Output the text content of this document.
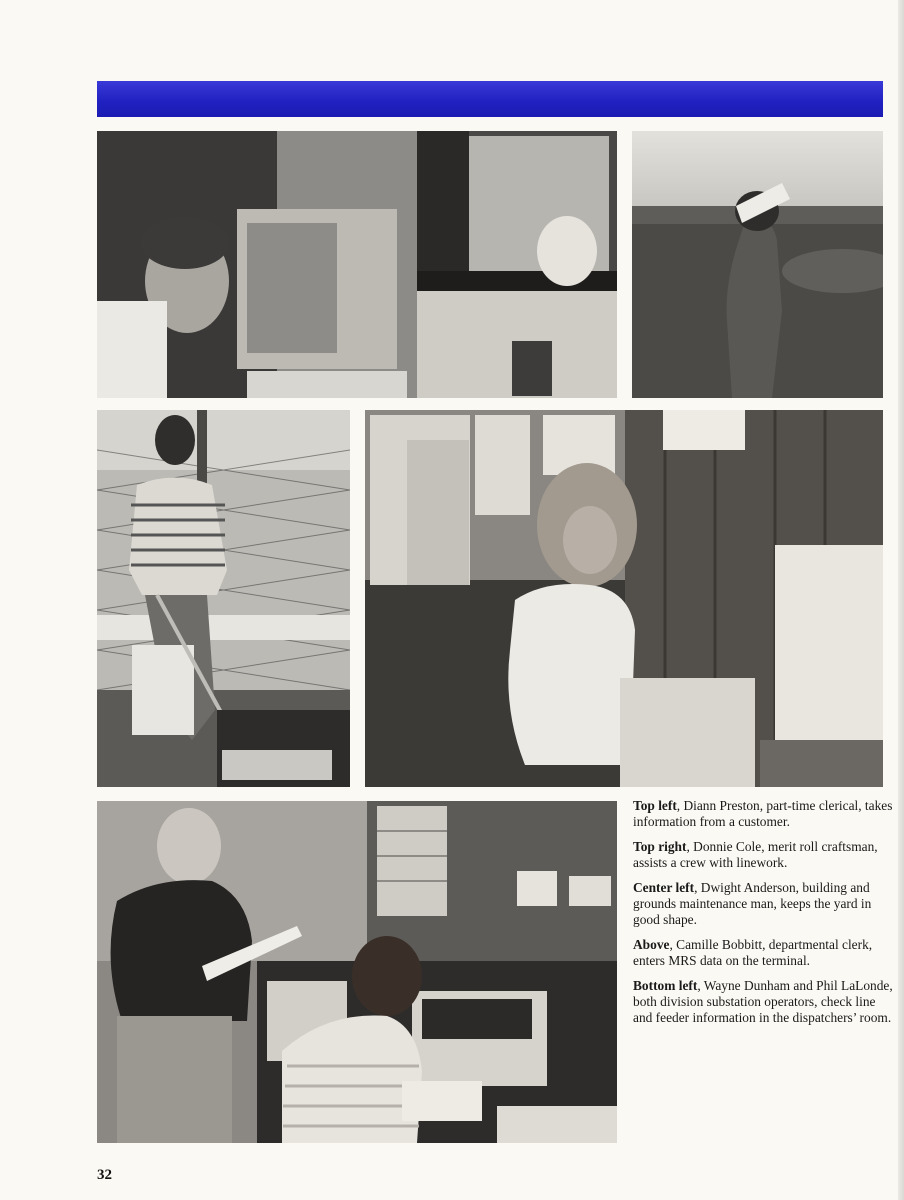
Top left, Diann Preston, part-time clerical, takes information from a customer.

Top right, Donnie Cole, merit roll craftsman, assists a crew with linework.

Center left, Dwight Anderson, building and grounds maintenance man, keeps the yard in good shape.

Above, Camille Bobbitt, departmental clerk, enters MRS data on the terminal.

Bottom left, Wayne Dunham and Phil LaLonde, both division substation operators, check line and feeder information in the dispatchers’ room.

32
